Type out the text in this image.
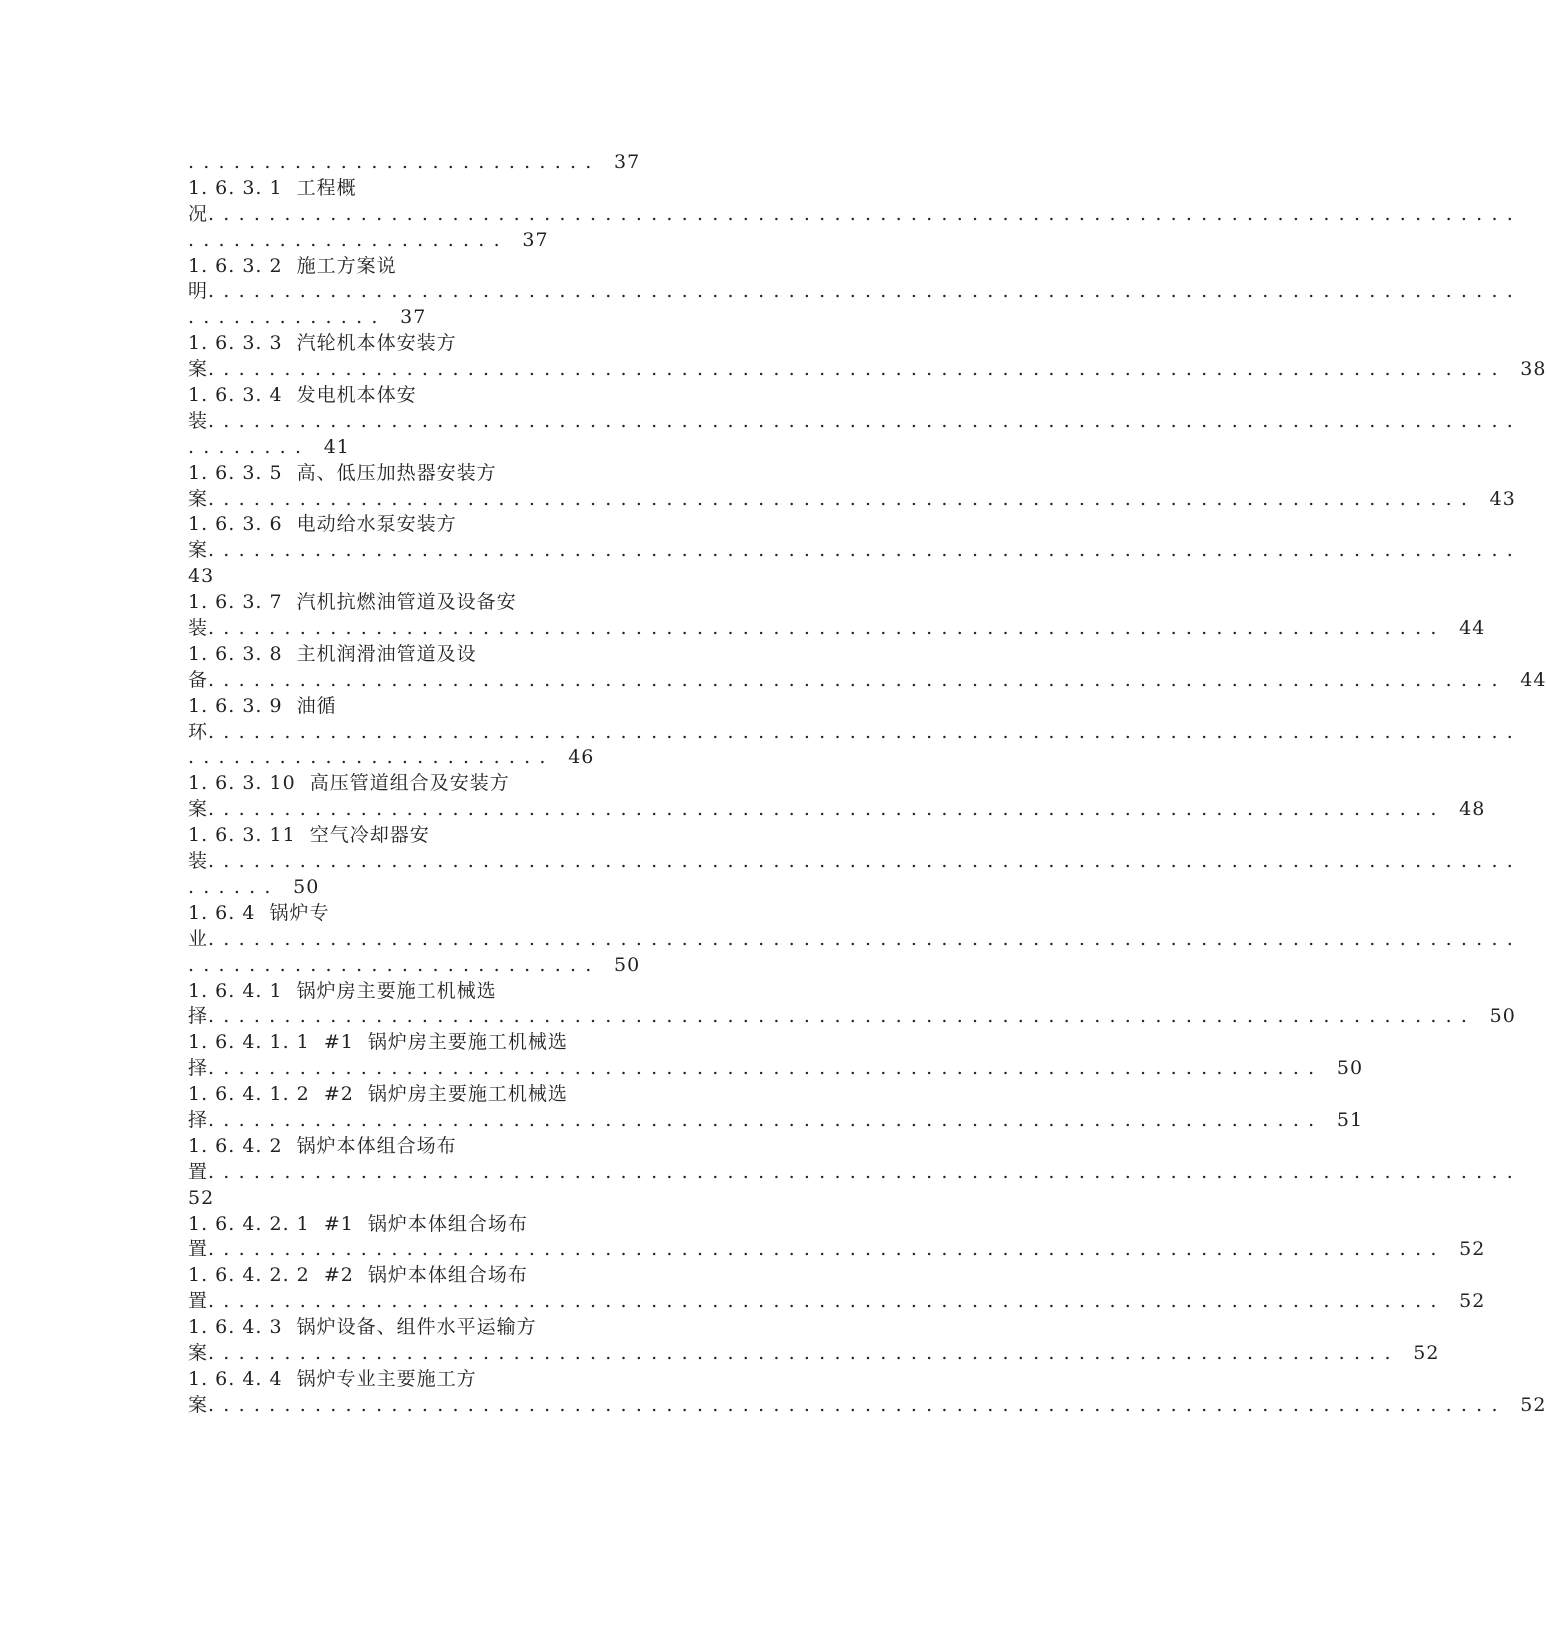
. . . . . . . . . . . . . . . . . . . . . . . . . . . 37
1. 6. 3. 1  工程概
况. . . . . . . . . . . . . . . . . . . . . . . . . . . . . . . . . . . . . . . . . . . . . . . . . . . . . . . . . . . . . . . . . . . . . . . . . . . . . . . . . . . . . .
. . . . . . . . . . . . . . . . . . . . . 37
1. 6. 3. 2  施工方案说
明. . . . . . . . . . . . . . . . . . . . . . . . . . . . . . . . . . . . . . . . . . . . . . . . . . . . . . . . . . . . . . . . . . . . . . . . . . . . . . . . . . . . . .
. . . . . . . . . . . . . 37
1. 6. 3. 3  汽轮机本体安装方
案. . . . . . . . . . . . . . . . . . . . . . . . . . . . . . . . . . . . . . . . . . . . . . . . . . . . . . . . . . . . . . . . . . . . . . . . . . . . . . . . . . . . . 38
1. 6. 3. 4  发电机本体安
装. . . . . . . . . . . . . . . . . . . . . . . . . . . . . . . . . . . . . . . . . . . . . . . . . . . . . . . . . . . . . . . . . . . . . . . . . . . . . . . . . . . . . .
. . . . . . . . 41
1. 6. 3. 5  高、低压加热器安装方
案. . . . . . . . . . . . . . . . . . . . . . . . . . . . . . . . . . . . . . . . . . . . . . . . . . . . . . . . . . . . . . . . . . . . . . . . . . . . . . . . . . . 43
1. 6. 3. 6  电动给水泵安装方
案. . . . . . . . . . . . . . . . . . . . . . . . . . . . . . . . . . . . . . . . . . . . . . . . . . . . . . . . . . . . . . . . . . . . . . . . . . . . . . . . . . . . . .
43
1. 6. 3. 7  汽机抗燃油管道及设备安
装. . . . . . . . . . . . . . . . . . . . . . . . . . . . . . . . . . . . . . . . . . . . . . . . . . . . . . . . . . . . . . . . . . . . . . . . . . . . . . . . . 44
1. 6. 3. 8  主机润滑油管道及设
备. . . . . . . . . . . . . . . . . . . . . . . . . . . . . . . . . . . . . . . . . . . . . . . . . . . . . . . . . . . . . . . . . . . . . . . . . . . . . . . . . . . . . 44
1. 6. 3. 9  油循
环. . . . . . . . . . . . . . . . . . . . . . . . . . . . . . . . . . . . . . . . . . . . . . . . . . . . . . . . . . . . . . . . . . . . . . . . . . . . . . . . . . . . . .
. . . . . . . . . . . . . . . . . . . . . . . . 46
1. 6. 3. 10  高压管道组合及安装方
案. . . . . . . . . . . . . . . . . . . . . . . . . . . . . . . . . . . . . . . . . . . . . . . . . . . . . . . . . . . . . . . . . . . . . . . . . . . . . . . . . 48
1. 6. 3. 11  空气冷却器安
装. . . . . . . . . . . . . . . . . . . . . . . . . . . . . . . . . . . . . . . . . . . . . . . . . . . . . . . . . . . . . . . . . . . . . . . . . . . . . . . . . . . . . .
. . . . . . 50
1. 6. 4  锅炉专
业. . . . . . . . . . . . . . . . . . . . . . . . . . . . . . . . . . . . . . . . . . . . . . . . . . . . . . . . . . . . . . . . . . . . . . . . . . . . . . . . . . . . . .
. . . . . . . . . . . . . . . . . . . . . . . . . . . 50
1. 6. 4. 1  锅炉房主要施工机械选
择. . . . . . . . . . . . . . . . . . . . . . . . . . . . . . . . . . . . . . . . . . . . . . . . . . . . . . . . . . . . . . . . . . . . . . . . . . . . . . . . . . . 50
1. 6. 4. 1. 1  #1  锅炉房主要施工机械选
择. . . . . . . . . . . . . . . . . . . . . . . . . . . . . . . . . . . . . . . . . . . . . . . . . . . . . . . . . . . . . . . . . . . . . . . . . 50
1. 6. 4. 1. 2  #2  锅炉房主要施工机械选
择. . . . . . . . . . . . . . . . . . . . . . . . . . . . . . . . . . . . . . . . . . . . . . . . . . . . . . . . . . . . . . . . . . . . . . . . . 51
1. 6. 4. 2  锅炉本体组合场布
置. . . . . . . . . . . . . . . . . . . . . . . . . . . . . . . . . . . . . . . . . . . . . . . . . . . . . . . . . . . . . . . . . . . . . . . . . . . . . . . . . . . . . .
52
1. 6. 4. 2. 1  #1  锅炉本体组合场布
置. . . . . . . . . . . . . . . . . . . . . . . . . . . . . . . . . . . . . . . . . . . . . . . . . . . . . . . . . . . . . . . . . . . . . . . . . . . . . . . . . 52
1. 6. 4. 2. 2  #2  锅炉本体组合场布
置. . . . . . . . . . . . . . . . . . . . . . . . . . . . . . . . . . . . . . . . . . . . . . . . . . . . . . . . . . . . . . . . . . . . . . . . . . . . . . . . . 52
1. 6. 4. 3  锅炉设备、组件水平运输方
案. . . . . . . . . . . . . . . . . . . . . . . . . . . . . . . . . . . . . . . . . . . . . . . . . . . . . . . . . . . . . . . . . . . . . . . . . . . . . . 52
1. 6. 4. 4  锅炉专业主要施工方
案. . . . . . . . . . . . . . . . . . . . . . . . . . . . . . . . . . . . . . . . . . . . . . . . . . . . . . . . . . . . . . . . . . . . . . . . . . . . . . . . . . . . . 52
